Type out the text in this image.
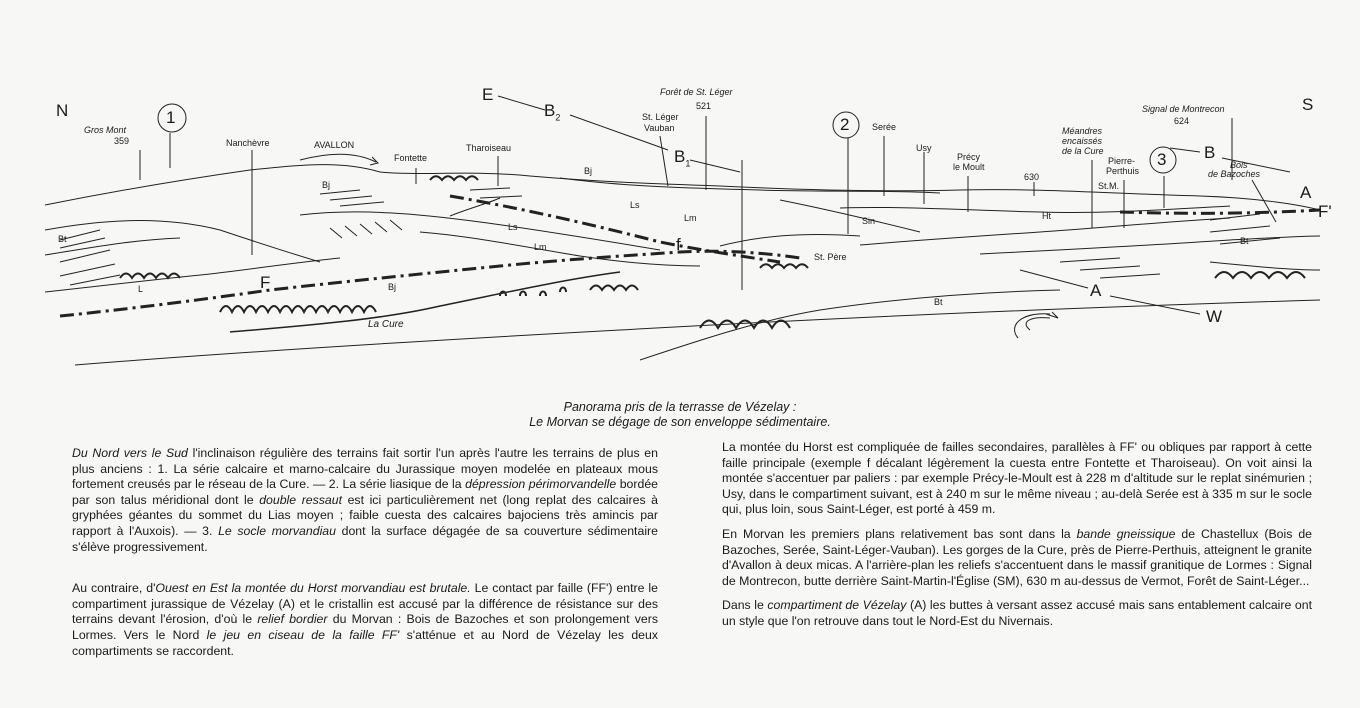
N	S
E
W
1	2
3
Gros Mont
359	Nanchèvre	AVALLON
Fontette
Tharoiseau
Forêt de St. Léger
521
St. Léger
Vauban	Serée
Usy
Précy
le Moult
630
Méandres
encaissés
de la Cure
Signal de Montrecon
624
Pierre-
Perthuis
St.M.
Bois
de Bazoches
B
$B_1$
$B_2$
A
A
F'
F
f
Bt
Bt
Bt
Bj
Bj
Bj
Ls
Ls
Lm
Lm
L
Sin	Ht
St. Père
La Cure
Panorama pris de la terrasse de Vézelay :
Le Morvan se dégage de son enveloppe sédimentaire.

Du Nord vers le Sud l'inclinaison régulière des terrains fait sortir l'un après l'autre les terrains de plus en plus anciens : 1. La série calcaire et marno-calcaire du Jurassique moyen modelée en plateaux mous fortement creusés par le réseau de la Cure. — 2. La série liasique de la dépression périmorvandelle bordée par son talus méridional dont le double ressaut est ici particulièrement net (long replat des calcaires à gryphées géantes du sommet du Lias moyen ; faible cuesta des calcaires bajociens très amincis par rapport à l'Auxois). — 3. Le socle morvandiau dont la surface dégagée de sa couverture sédimentaire s'élève progressivement.

Au contraire, d'Ouest en Est la montée du Horst morvandiau est brutale. Le contact par faille (FF') entre le compartiment jurassique de Vézelay (A) et le cristallin est accusé par la différence de résistance sur des terrains devant l'érosion, d'où le relief bordier du Morvan : Bois de Bazoches et son prolongement vers Lormes. Vers le Nord le jeu en ciseau de la faille FF' s'atténue et au Nord de Vézelay les deux compartiments se raccordent.

La montée du Horst est compliquée de failles secondaires, parallèles à FF' ou obliques par rapport à cette faille principale (exemple f décalant légèrement la cuesta entre Fontette et Tharoiseau). On voit ainsi la montée s'accentuer par paliers : par exemple Précy-le-Moult est à 228 m d'altitude sur le replat sinémurien ; Usy, dans le compartiment suivant, est à 240 m sur le même niveau ; au-delà Serée est à 335 m sur le socle qui, plus loin, sous Saint-Léger, est porté à 459 m.

En Morvan les premiers plans relativement bas sont dans la bande gneissique de Chastellux (Bois de Bazoches, Serée, Saint-Léger-Vauban). Les gorges de la Cure, près de Pierre-Perthuis, atteignent le granite d'Avallon à deux micas. A l'arrière-plan les reliefs s'accentuent dans le massif granitique de Lormes : Signal de Montrecon, butte derrière Saint-Martin-l'Église (SM), 630 m au-dessus de Vermot, Forêt de Saint-Léger...

Dans le compartiment de Vézelay (A) les buttes à versant assez accusé mais sans entablement calcaire ont un style que l'on retrouve dans tout le Nord-Est du Nivernais.
